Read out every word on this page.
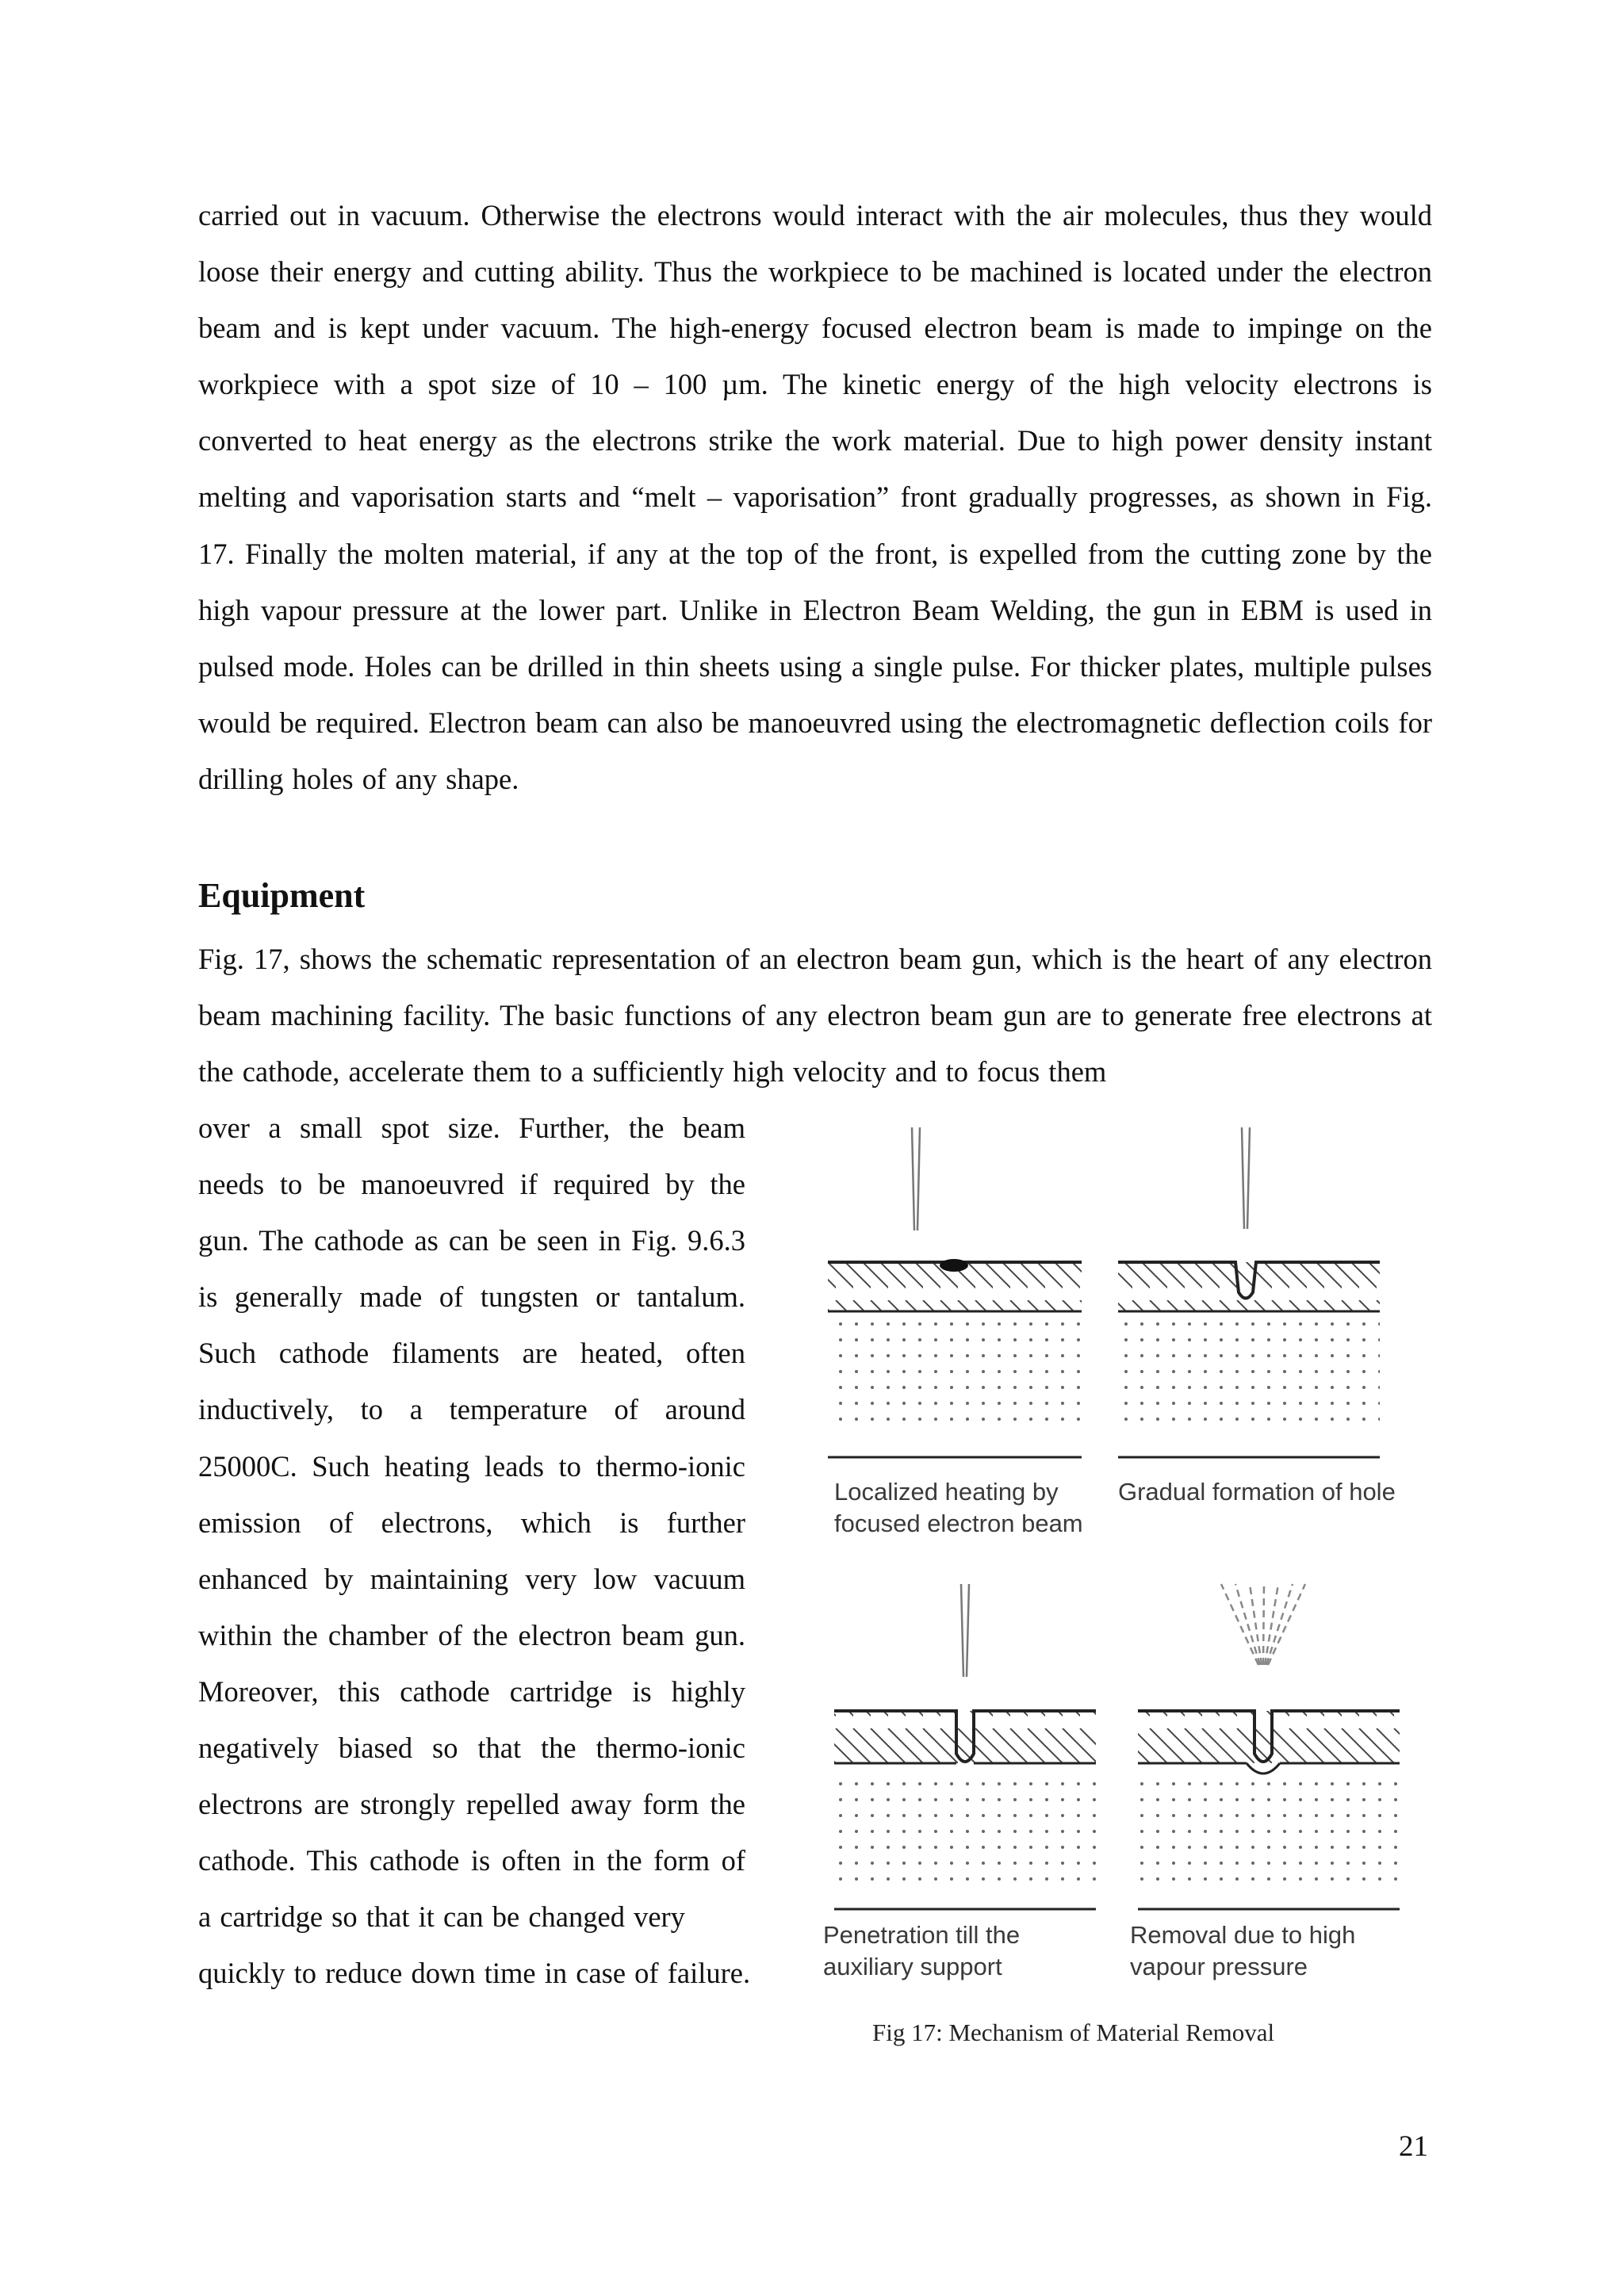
carried out in vacuum. Otherwise the electrons would interact with the air molecules, thus they would loose their energy and cutting ability. Thus the workpiece to be machined is located under the electron beam and is kept under vacuum. The high-energy focused electron beam is made to impinge on the workpiece with a spot size of 10 – 100 µm. The kinetic energy of the high velocity electrons is converted to heat energy as the electrons strike the work material. Due to high power density instant melting and vaporisation starts and “melt – vaporisation” front gradually progresses, as shown in Fig. 17. Finally the molten material, if any at the top of the front, is expelled from the cutting zone by the high vapour pressure at the lower part. Unlike in Electron Beam Welding, the gun in EBM is used in pulsed mode. Holes can be drilled in thin sheets using a single pulse. For thicker plates, multiple pulses would be required. Electron beam can also be manoeuvred using the electromagnetic deflection coils for drilling holes of any shape.

Equipment

Fig. 17, shows the schematic representation of an electron beam gun, which is the heart of any electron beam machining facility. The basic functions of any electron beam gun are to generate free electrons at the cathode, accelerate them to a sufficiently high velocity and to focus them

over a small spot size. Further, the beam needs to be manoeuvred if required by the gun. The cathode as can be seen in Fig. 9.6.3 is generally made of tungsten or tantalum. Such cathode filaments are heated, often inductively, to a temperature of around 25000C. Such heating leads to thermo-ionic emission of electrons, which is further enhanced by maintaining very low vacuum within the chamber of the electron beam gun. Moreover, this cathode cartridge is highly negatively biased so that the thermo-ionic electrons are strongly repelled away form the cathode. This cathode is often in the form of a cartridge so that it can be changed very

quickly to reduce down time in case of failure.
Localized heating by
focused electron beam
Gradual formation of hole
Penetration till the
auxiliary support
Removal due to high
vapour pressure
Fig 17: Mechanism of Material Removal
21
